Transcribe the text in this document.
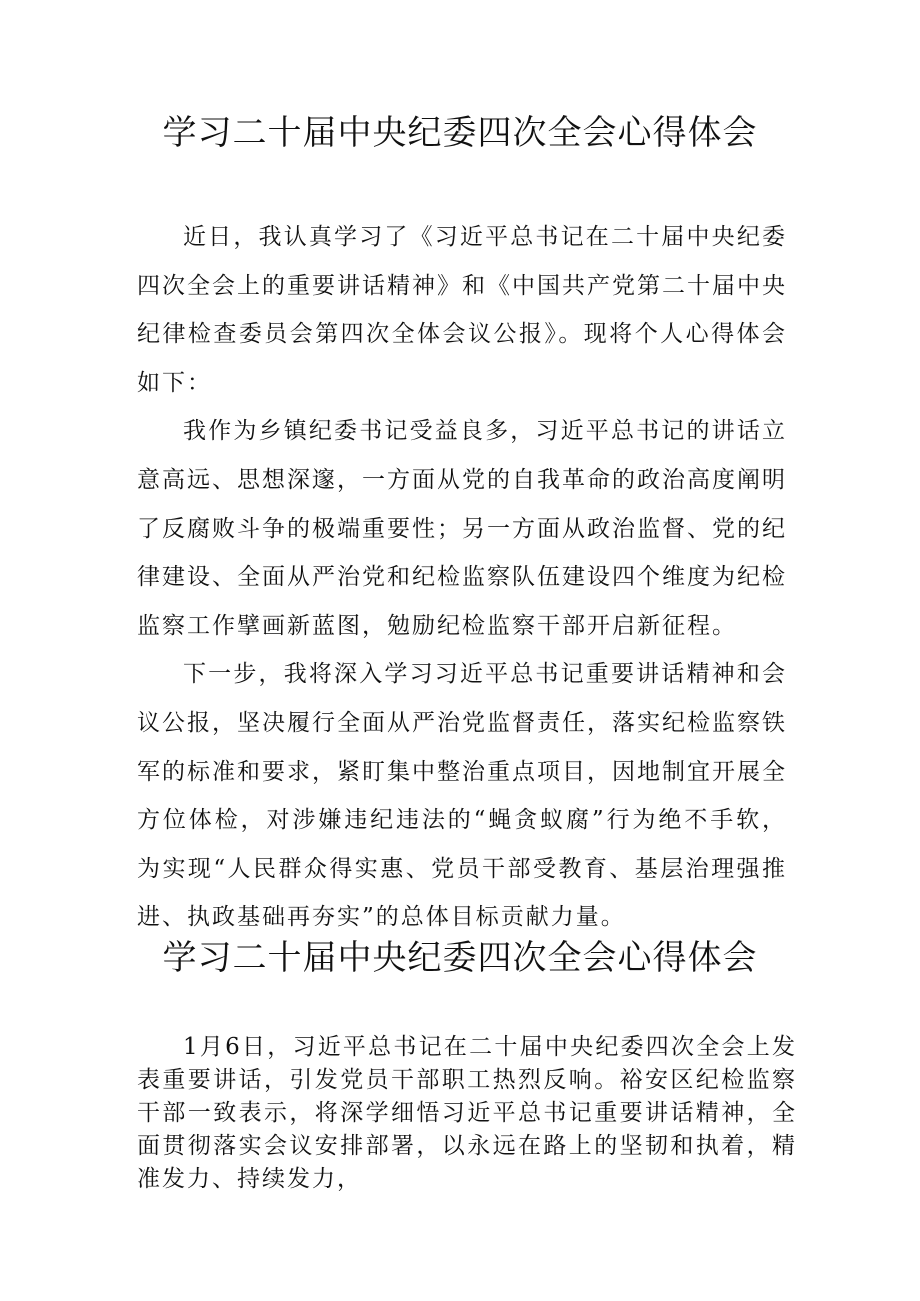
学习二十届中央纪委四次全会心得体会

近日，我认真学习了《习近平总书记在二十届中央纪委四次全会上的重要讲话精神》和《中国共产党第二十届中央纪律检查委员会第四次全体会议公报》。现将个人心得体会如下：

我作为乡镇纪委书记受益良多，习近平总书记的讲话立意高远、思想深邃，一方面从党的自我革命的政治高度阐明了反腐败斗争的极端重要性；另一方面从政治监督、党的纪律建设、全面从严治党和纪检监察队伍建设四个维度为纪检监察工作擘画新蓝图，勉励纪检监察干部开启新征程。

下一步，我将深入学习习近平总书记重要讲话精神和会议公报，坚决履行全面从严治党监督责任，落实纪检监察铁军的标准和要求，紧盯集中整治重点项目，因地制宜开展全方位体检，对涉嫌违纪违法的“蝇贪蚁腐”行为绝不手软，为实现“人民群众得实惠、党员干部受教育、基层治理强推进、执政基础再夯实”的总体目标贡献力量。

学习二十届中央纪委四次全会心得体会

1月6日，习近平总书记在二十届中央纪委四次全会上发表重要讲话，引发党员干部职工热烈反响。裕安区纪检监察干部一致表示，将深学细悟习近平总书记重要讲话精神，全面贯彻落实会议安排部署，以永远在路上的坚韧和执着，精准发力、持续发力，
